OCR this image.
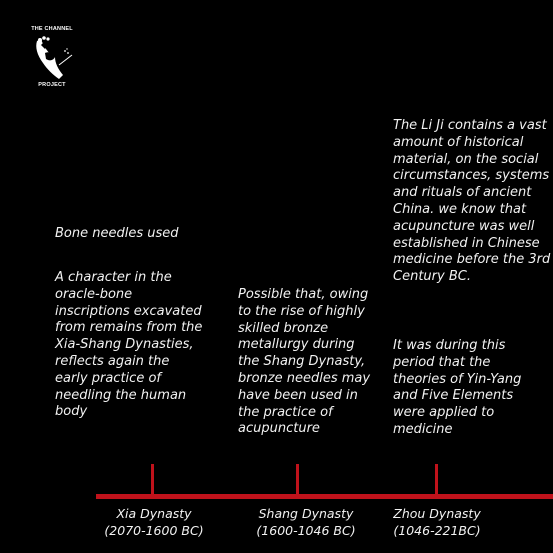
THE CHANNEL
PROJECT

Bone needles used

A character in the oracle-bone inscriptions excavated from remains from the Xia-Shang Dynasties, reflects again the early practice of needling the human body

Possible that, owing to the rise of highly skilled bronze metallurgy during the Shang Dynasty, bronze needles may have been used in the practice of acupuncture

The Li Ji contains a vast amount of historical material, on the social circumstances, systems and rituals of ancient China. we know that acupuncture was well established in Chinese medicine before the 3rd Century BC.

It was during this period that the theories of Yin-Yang and Five Elements were applied to medicine

Xia Dynasty
(2070-1600 BC)
Shang Dynasty
(1600-1046 BC)
Zhou Dynasty
(1046-221BC)
